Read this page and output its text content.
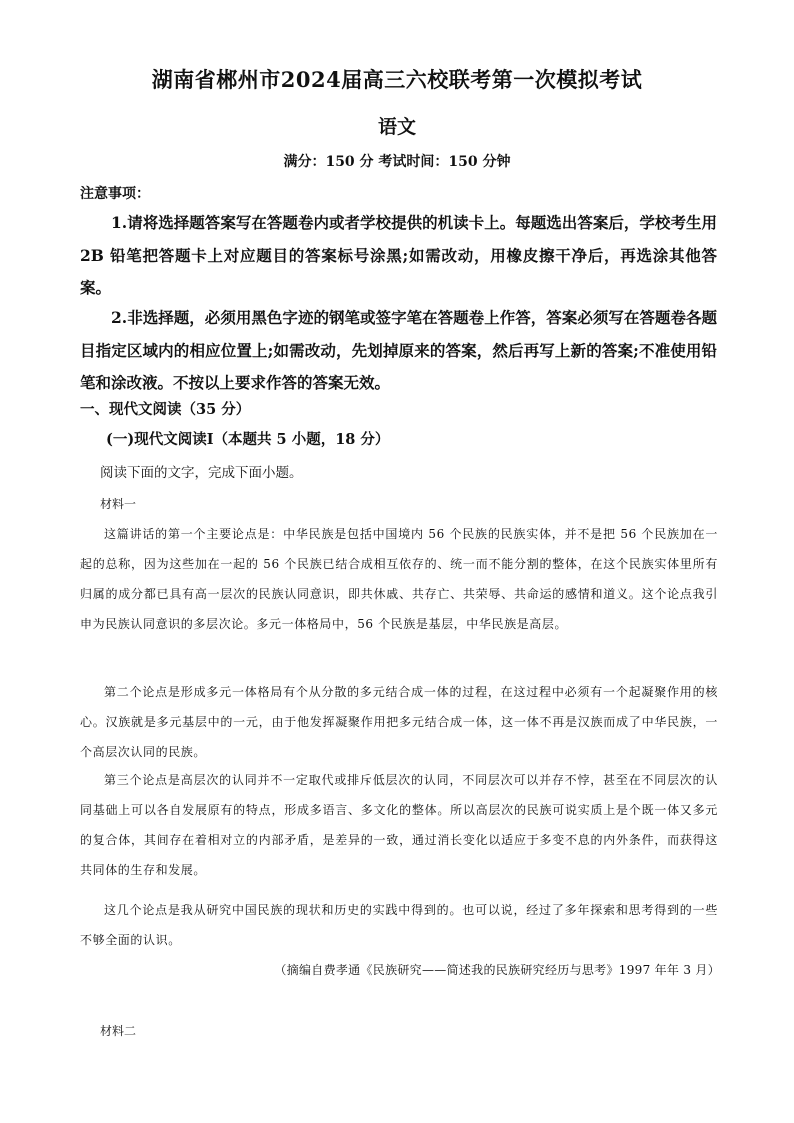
湖南省郴州市2024届高三六校联考第一次模拟考试
语文
满分：150 分 考试时间：150 分钟
注意事项：

1.请将选择题答案写在答题卷内或者学校提供的机读卡上。每题选出答案后，学校考生用 2B 铅笔把答题卡上对应题目的答案标号涂黑;如需改动，用橡皮擦干净后，再选涂其他答案。

2.非选择题，必须用黑色字迹的钢笔或签字笔在答题卷上作答，答案必须写在答题卷各题目指定区域内的相应位置上;如需改动，先划掉原来的答案，然后再写上新的答案;不准使用铅笔和涂改液。不按以上要求作答的答案无效。

一、现代文阅读（35 分）
(一)现代文阅读Ⅰ（本题共 5 小题，18 分）
阅读下面的文字，完成下面小题。
材料一

这篇讲话的第一个主要论点是：中华民族是包括中国境内 56 个民族的民族实体，并不是把 56 个民族加在一起的总称，因为这些加在一起的 56 个民族已结合成相互依存的、统一而不能分割的整体，在这个民族实体里所有归属的成分都已具有高一层次的民族认同意识，即共休戚、共存亡、共荣辱、共命运的感情和道义。这个论点我引申为民族认同意识的多层次论。多元一体格局中，56 个民族是基层，中华民族是高层。

第二个论点是形成多元一体格局有个从分散的多元结合成一体的过程，在这过程中必须有一个起凝聚作用的核心。汉族就是多元基层中的一元，由于他发挥凝聚作用把多元结合成一体，这一体不再是汉族而成了中华民族，一个高层次认同的民族。

第三个论点是高层次的认同并不一定取代或排斥低层次的认同，不同层次可以并存不悖，甚至在不同层次的认同基础上可以各自发展原有的特点，形成多语言、多文化的整体。所以高层次的民族可说实质上是个既一体又多元的复合体，其间存在着相对立的内部矛盾，是差异的一致，通过消长变化以适应于多变不息的内外条件，而获得这共同体的生存和发展。

这几个论点是我从研究中国民族的现状和历史的实践中得到的。也可以说，经过了多年探索和思考得到的一些不够全面的认识。

（摘编自费孝通《民族研究——简述我的民族研究经历与思考》1997 年年 3 月）
材料二
